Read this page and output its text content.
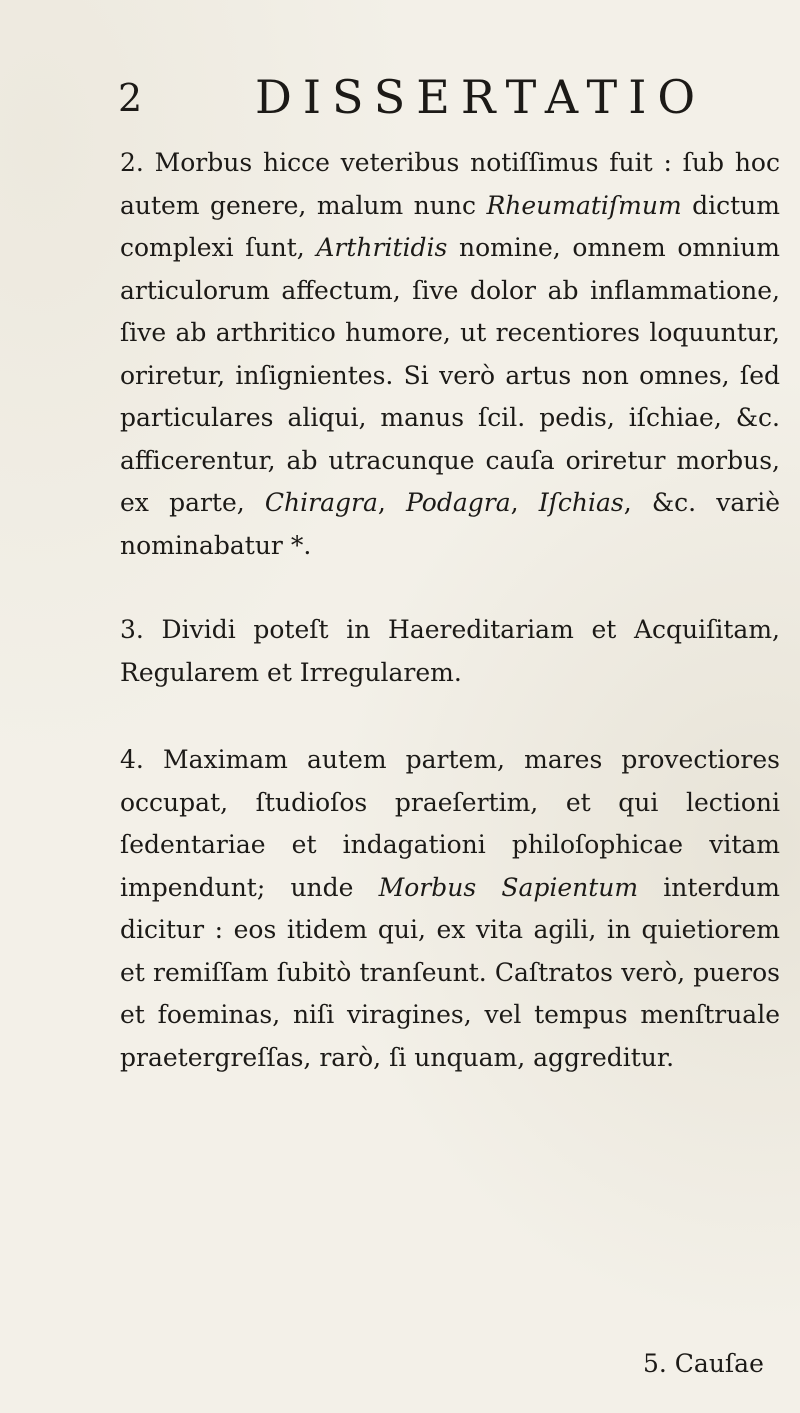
2 DISSERTATIO

2. Morbus hicce veteribus notiſſimus fuit : ſub hoc autem genere, malum nunc Rheumatiſmum dictum complexi ſunt, Arthritidis nomine, omnem omnium articulorum affectum, ſive dolor ab inflammatione, ſive ab arthritico humore, ut recentiores loquuntur, oriretur, inſignientes. Si verò artus non omnes, ſed particulares aliqui, manus ſcil. pedis, iſchiae, &c. afficerentur, ab utracunque cauſa oriretur morbus, ex parte, Chiragra, Podagra, Iſchias, &c. variè nominabatur *.

3. Dividi poteſt in Haereditariam et Acquiſitam, Regularem et Irregularem.

4. Maximam autem partem, mares provectiores occupat, ſtudioſos praeſertim, et qui lectioni ſedentariae et indagationi philoſophicae vitam impendunt; unde Morbus Sapientum interdum dicitur : eos itidem qui, ex vita agili, in quietiorem et remiſſam ſubitò tranſeunt. Caſtratos verò, pueros et foeminas, niſi viragines, vel tempus menſtruale praetergreſſas, rarò, ſi unquam, aggreditur.

5. Cauſae
